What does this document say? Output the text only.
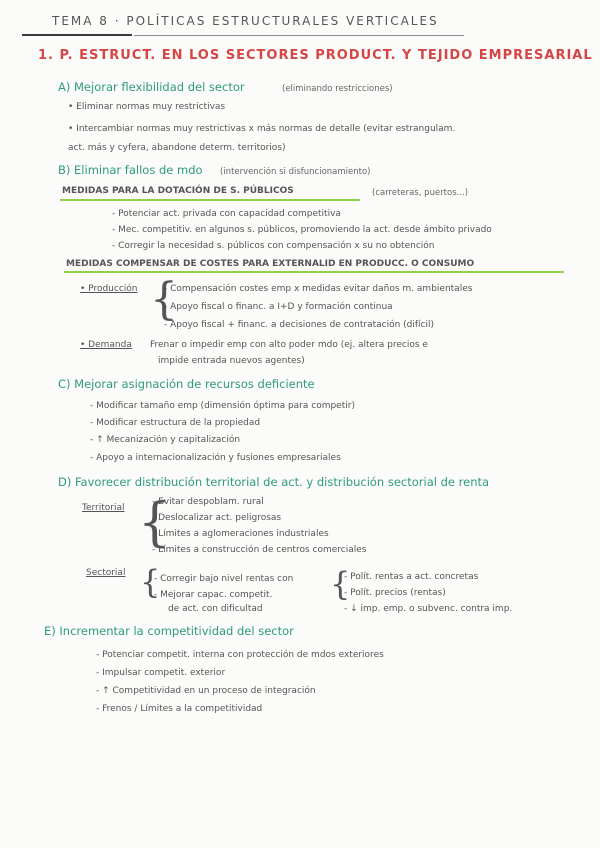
TEMA 8 · POLÍTICAS ESTRUCTURALES VERTICALES
1. P. ESTRUCT. EN LOS SECTORES PRODUCT. Y TEJIDO EMPRESARIAL
A) Mejorar flexibilidad del sector	(eliminando restricciones)
• Eliminar normas muy restrictivas
• Intercambiar normas muy restrictivas x más normas de detalle (evitar estrangulam.
act. más y cyfera, abandone determ. territorios)
B) Eliminar fallos de mdo (intervención si disfuncionamiento)
MEDIDAS PARA LA DOTACIÓN DE S. PÚBLICOS	(carreteras, puertos...)
- Potenciar act. privada con capacidad competitiva
- Mec. competitiv. en algunos s. públicos, promoviendo la act. desde ámbito privado
- Corregir la necesidad s. públicos con compensación x su no obtención
MEDIDAS COMPENSAR DE COSTES PARA EXTERNALID EN PRODUCC. O CONSUMO
• Producción {
- Compensación costes emp x medidas evitar daños m. ambientales
- Apoyo fiscal o financ. a I+D y formación continua
- Apoyo fiscal + financ. a decisiones de contratación (difícil)
• Demanda Frenar o impedir emp con alto poder mdo (ej. altera precios e
impide entrada nuevos agentes)
C) Mejorar asignación de recursos deficiente
- Modificar tamaño emp (dimensión óptima para competir)
- Modificar estructura de la propiedad
- ↑ Mecanización y capitalización
- Apoyo a internacionalización y fusiones empresariales
D) Favorecer distribución territorial de act. y distribución sectorial de renta
Territorial {
- Evitar despoblam. rural
- Deslocalizar act. peligrosas
- Límites a aglomeraciones industriales
- Límites a construcción de centros comerciales
Sectorial {
- Corregir bajo nivel rentas con
- Mejorar capac. competit.
de act. con dificultad
{
- Polít. rentas a act. concretas
- Polít. precios (rentas)
- ↓ imp. emp. o subvenc. contra imp.
E) Incrementar la competitividad del sector
- Potenciar competit. interna con protección de mdos exteriores
- Impulsar competit. exterior
- ↑ Competitividad en un proceso de integración
- Frenos / Límites a la competitividad
